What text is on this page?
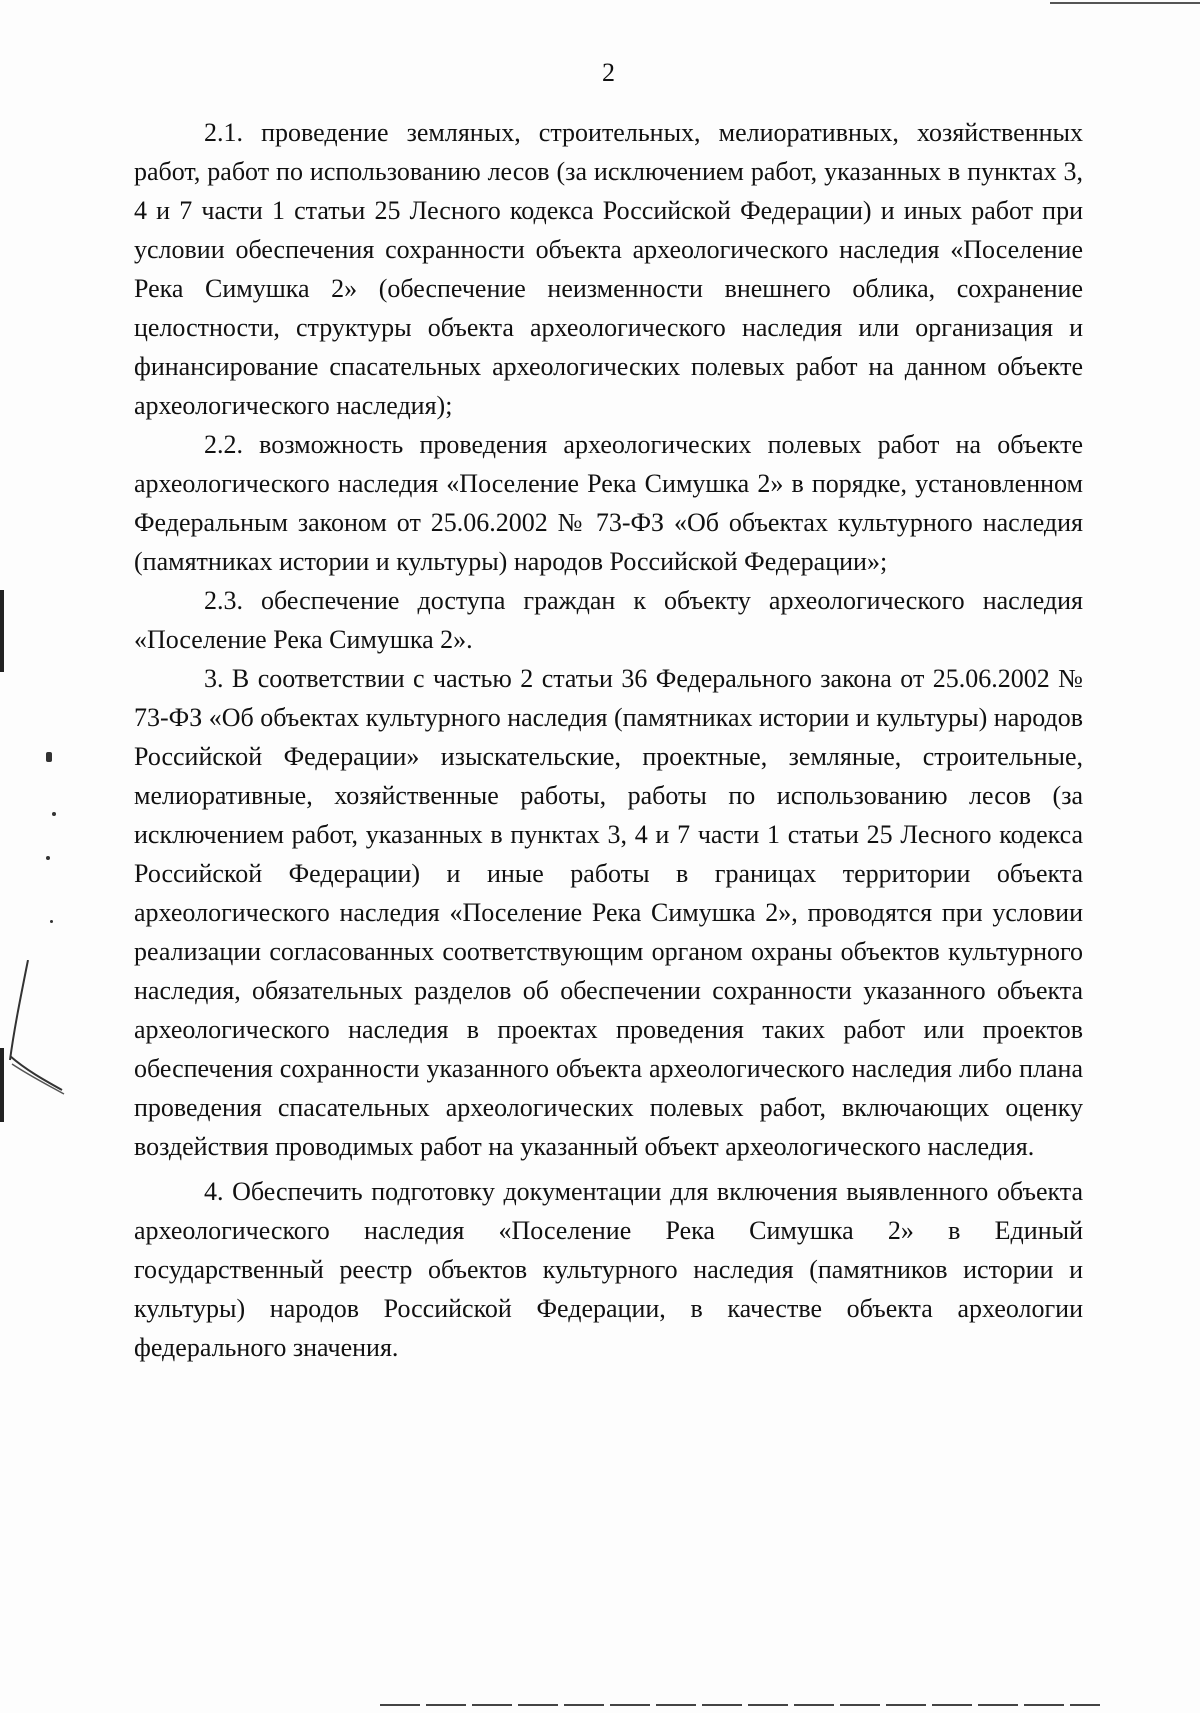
2

2.1. проведение земляных, строительных, мелиоративных, хозяйственных работ, работ по использованию лесов (за исключением работ, указанных в пунктах 3, 4 и 7 части 1 статьи 25 Лесного кодекса Российской Федерации) и иных работ при условии обеспечения сохранности объекта археологического наследия «Поселение Река Симушка 2» (обеспечение неизменности внешнего облика, сохранение целостности, структуры объекта археологического наследия или организация и финансирование спасательных археологических полевых работ на данном объекте археологического наследия);

2.2. возможность проведения археологических полевых работ на объекте археологического наследия «Поселение Река Симушка 2» в порядке, установленном Федеральным законом от 25.06.2002 № 73-ФЗ «Об объектах культурного наследия (памятниках истории и культуры) народов Российской Федерации»;

2.3. обеспечение доступа граждан к объекту археологического наследия «Поселение Река Симушка 2».

3. В соответствии с частью 2 статьи 36 Федерального закона от 25.06.2002 № 73-ФЗ «Об объектах культурного наследия (памятниках истории и культуры) народов Российской Федерации» изыскательские, проектные, земляные, строительные, мелиоративные, хозяйственные работы, работы по использованию лесов (за исключением работ, указанных в пунктах 3, 4 и 7 части 1 статьи 25 Лесного кодекса Российской Федерации) и иные работы в границах территории объекта археологического наследия «Поселение Река Симушка 2», проводятся при условии реализации согласованных соответствующим органом охраны объектов культурного наследия, обязательных разделов об обеспечении сохранности указанного объекта археологического наследия в проектах проведения таких работ или проектов обеспечения сохранности указанного объекта археологического наследия либо плана проведения спасательных археологических полевых работ, включающих оценку воздействия проводимых работ на указанный объект археологического наследия.

4. Обеспечить подготовку документации для включения выявленного объекта археологического наследия «Поселение Река Симушка 2» в Единый государственный реестр объектов культурного наследия (памятников истории и культуры) народов Российской Федерации, в качестве объекта археологии федерального значения.
